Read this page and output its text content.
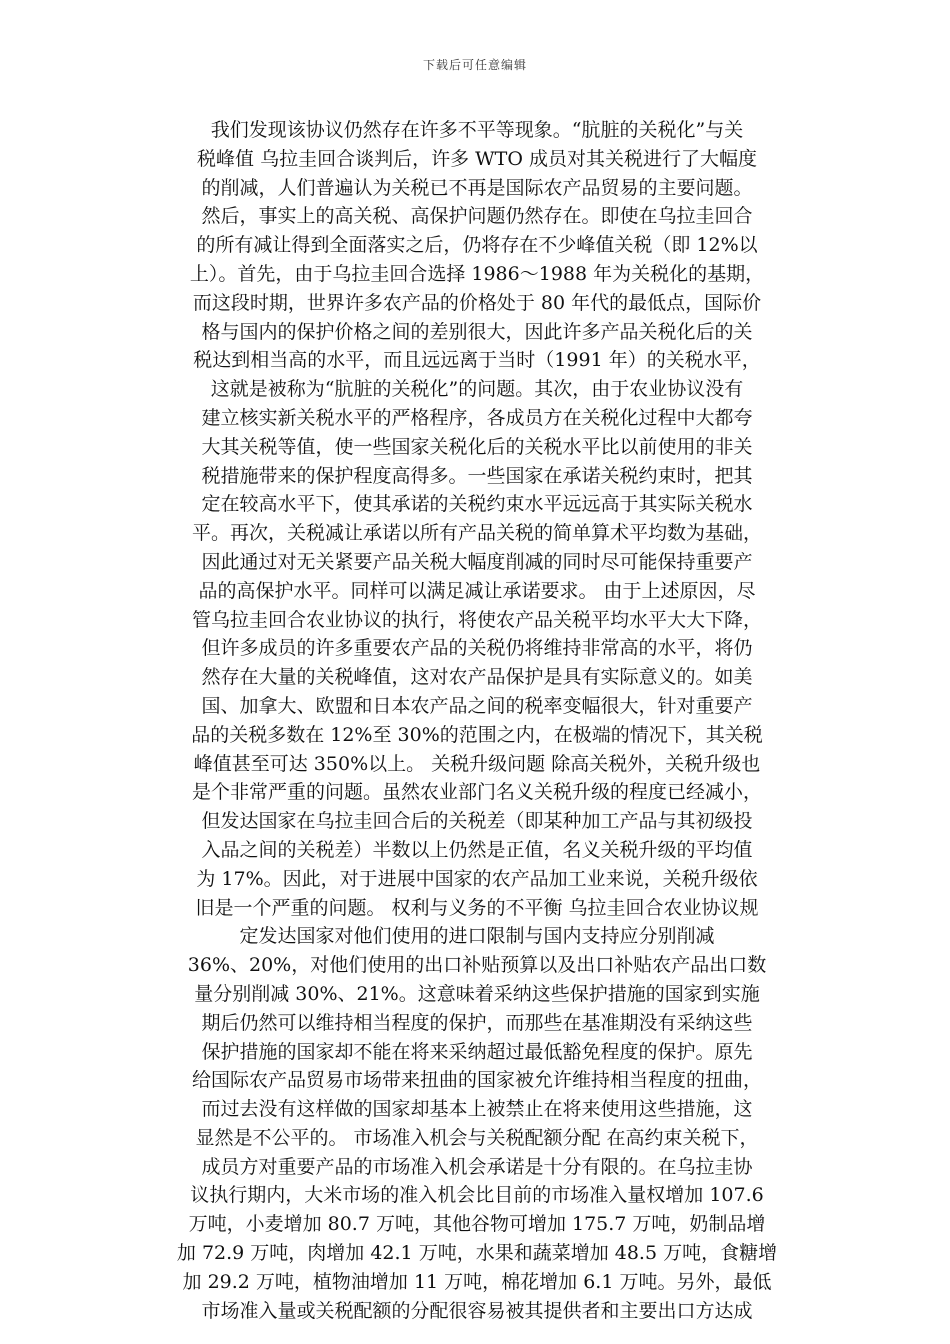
下载后可任意编辑
我们发现该协议仍然存在许多不平等现象。“肮脏的关税化”与关
税峰值 乌拉圭回合谈判后，许多 WTO 成员对其关税进行了大幅度
的削减，人们普遍认为关税已不再是国际农产品贸易的主要问题。
然后，事实上的高关税、高保护问题仍然存在。即使在乌拉圭回合
的所有减让得到全面落实之后，仍将存在不少峰值关税（即 12%以
上）。首先，由于乌拉圭回合选择 1986～1988 年为关税化的基期，
而这段时期，世界许多农产品的价格处于 80 年代的最低点，国际价
格与国内的保护价格之间的差别很大，因此许多产品关税化后的关
税达到相当高的水平，而且远远离于当时（1991 年）的关税水平，
这就是被称为“肮脏的关税化”的问题。其次，由于农业协议没有
建立核实新关税水平的严格程序，各成员方在关税化过程中大都夸
大其关税等值，使一些国家关税化后的关税水平比以前使用的非关
税措施带来的保护程度高得多。一些国家在承诺关税约束时，把其
定在较高水平下，使其承诺的关税约束水平远远高于其实际关税水
平。再次，关税减让承诺以所有产品关税的简单算术平均数为基础，
因此通过对无关紧要产品关税大幅度削减的同时尽可能保持重要产
品的高保护水平。同样可以满足减让承诺要求。 由于上述原因，尽
管乌拉圭回合农业协议的执行，将使农产品关税平均水平大大下降，
但许多成员的许多重要农产品的关税仍将维持非常高的水平，将仍
然存在大量的关税峰值，这对农产品保护是具有实际意义的。如美
国、加拿大、欧盟和日本农产品之间的税率变幅很大，针对重要产
品的关税多数在 12%至 30%的范围之内，在极端的情况下，其关税
峰值甚至可达 350%以上。 关税升级问题 除高关税外，关税升级也
是个非常严重的问题。虽然农业部门名义关税升级的程度已经减小，
但发达国家在乌拉圭回合后的关税差（即某种加工产品与其初级投
入品之间的关税差）半数以上仍然是正值，名义关税升级的平均值
为 17%。因此，对于进展中国家的农产品加工业来说，关税升级依
旧是一个严重的问题。 权利与义务的不平衡 乌拉圭回合农业协议规
定发达国家对他们使用的进口限制与国内支持应分别削减
36%、20%，对他们使用的出口补贴预算以及出口补贴农产品出口数
量分别削减 30%、21%。这意味着采纳这些保护措施的国家到实施
期后仍然可以维持相当程度的保护，而那些在基准期没有采纳这些
保护措施的国家却不能在将来采纳超过最低豁免程度的保护。原先
给国际农产品贸易市场带来扭曲的国家被允许维持相当程度的扭曲，
而过去没有这样做的国家却基本上被禁止在将来使用这些措施，这
显然是不公平的。 市场准入机会与关税配额分配 在高约束关税下，
成员方对重要产品的市场准入机会承诺是十分有限的。在乌拉圭协
议执行期内，大米市场的准入机会比目前的市场准入量权增加 107.6
万吨，小麦增加 80.7 万吨，其他谷物可增加 175.7 万吨，奶制品增
加 72.9 万吨，肉增加 42.1 万吨，水果和蔬菜增加 48.5 万吨，食糖增
加 29.2 万吨，植物油增加 11 万吨，棉花增加 6.1 万吨。另外，最低
市场准入量或关税配额的分配很容易被其提供者和主要出口方达成
